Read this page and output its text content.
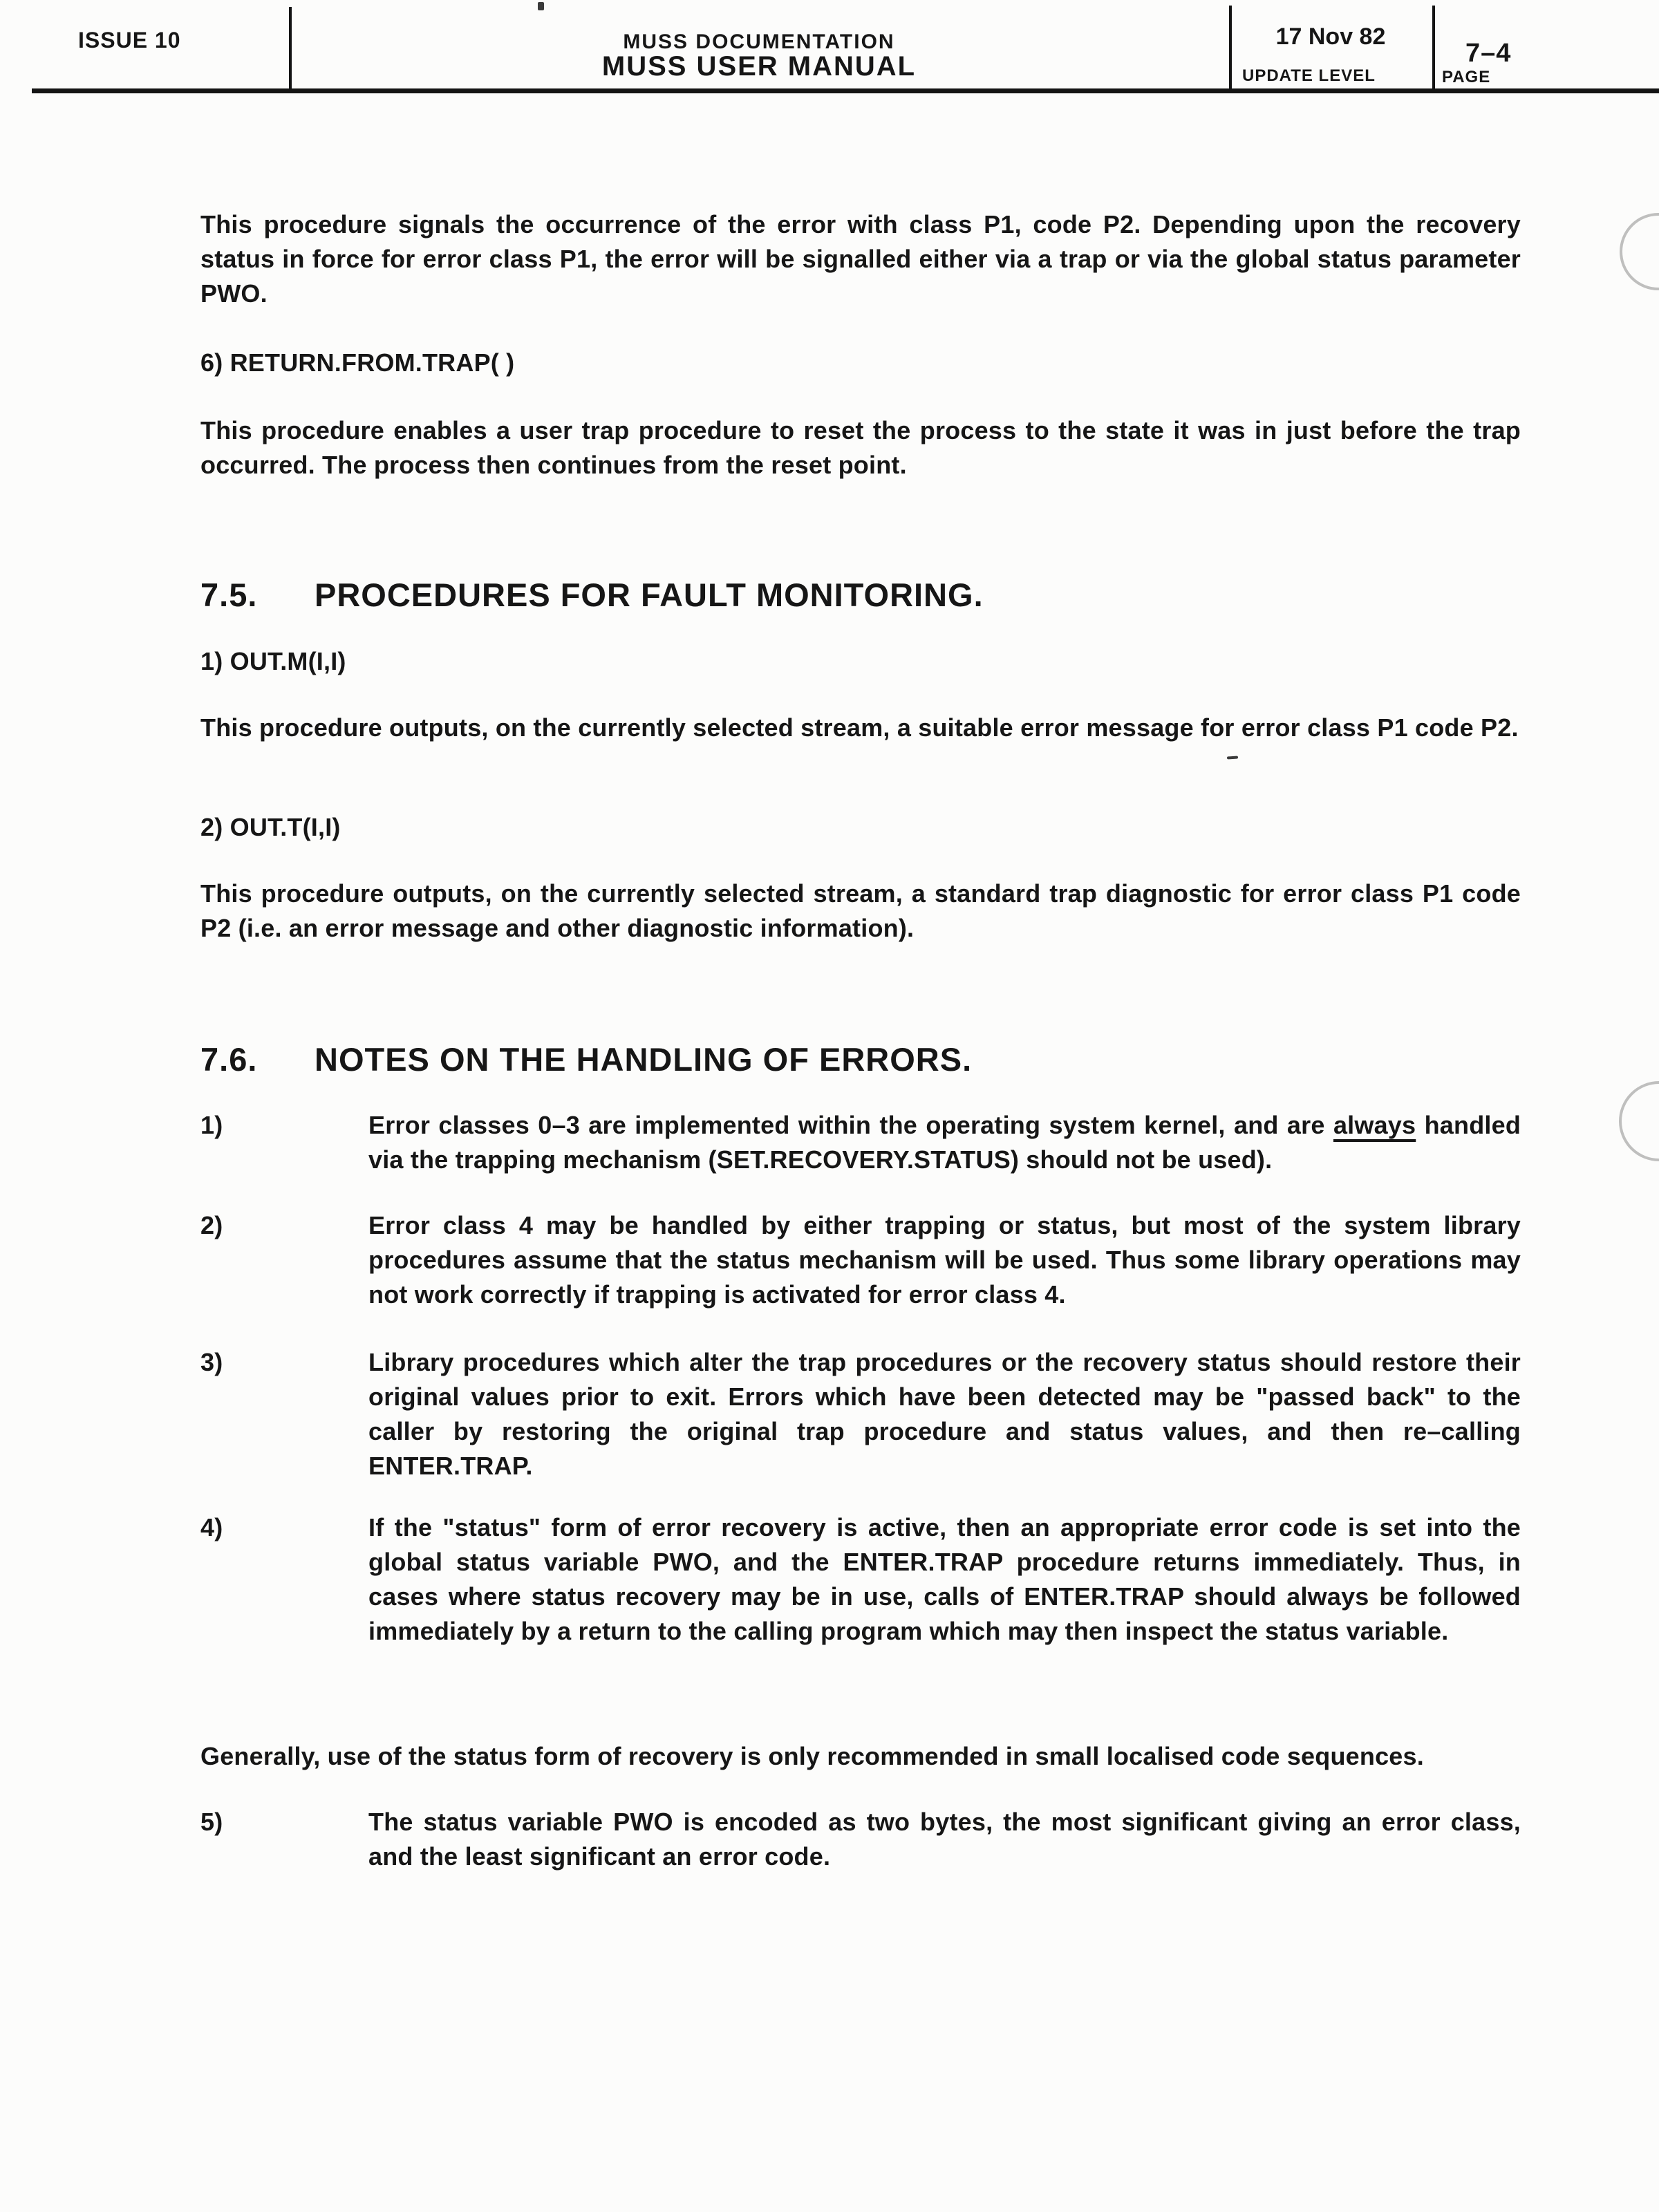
ISSUE 10	MUSS DOCUMENTATION
MUSS USER MANUAL
17 Nov 82
UPDATE LEVEL
7–4
PAGE
This procedure signals the occurrence of the error with class P1, code P2. Depending upon the recovery status in force for error class P1, the error will be signalled either via a trap or via the global status parameter PWO.
6) RETURN.FROM.TRAP( )
This procedure enables a user trap procedure to reset the process to the state it was in just before the trap occurred. The process then continues from the reset point.
7.5. PROCEDURES FOR FAULT MONITORING.
1) OUT.M(I,I)
This procedure outputs, on the currently selected stream, a suitable error message for error class P1 code P2.
2) OUT.T(I,I)
This procedure outputs, on the currently selected stream, a standard trap diagnostic for error class P1 code P2 (i.e. an error message and other diagnostic information).
7.6. NOTES ON THE HANDLING OF ERRORS.
1)	Error classes 0–3 are implemented within the operating system kernel, and are always handled via the trapping mechanism (SET.RECOVERY.STATUS) should not be used).
2)	Error class 4 may be handled by either trapping or status, but most of the system library procedures assume that the status mechanism will be used. Thus some library operations may not work correctly if trapping is activated for error class 4.
3)	Library procedures which alter the trap procedures or the recovery status should restore their original values prior to exit. Errors which have been detected may be "passed back" to the caller by restoring the original trap procedure and status values, and then re–calling ENTER.TRAP.
4)	If the "status" form of error recovery is active, then an appropriate error code is set into the global status variable PWO, and the ENTER.TRAP procedure returns immediately. Thus, in cases where status recovery may be in use, calls of ENTER.TRAP should always be followed immediately by a return to the calling program which may then inspect the status variable.
Generally, use of the status form of recovery is only recommended in small localised code sequences.
5)	The status variable PWO is encoded as two bytes, the most significant giving an error class, and the least significant an error code.
